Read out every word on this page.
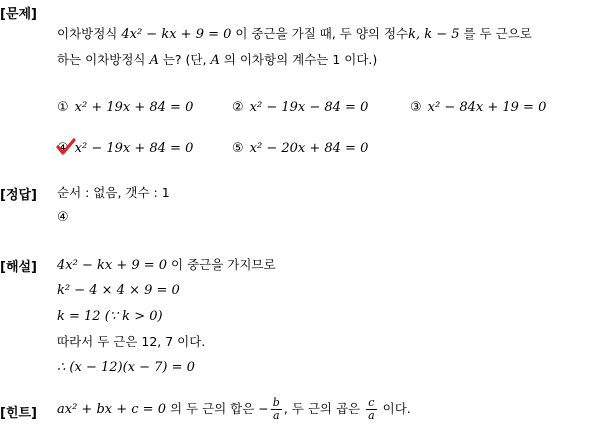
[문제]
[정답]
[해설]
[힌트]
이차방정식 4x² − kx + 9 = 0 이 중근을 가질 때, 두 양의 정수k, k − 5 를 두 근으로
하는 이차방정식 A 는? (단, A 의 이차항의 계수는 1 이다.)
① x² + 19x + 84 = 0	② x² − 19x − 84 = 0	③ x² − 84x + 19 = 0
④ x² − 19x + 84 = 0	⑤ x² − 20x + 84 = 0
순서 : 없음, 갯수 : 1
④
4x² − kx + 9 = 0 이 중근을 가지므로
k² − 4 × 4 × 9 = 0
k = 12 (∵ k > 0)
따라서 두 근은 12, 7 이다.
∴ (x − 12)(x − 7) = 0
ax² + bx + c = 0 의 두 근의 합은 − $\frac{b}{a}$ , 두 근의 곱은 $\frac{c}{a}$ 이다.
